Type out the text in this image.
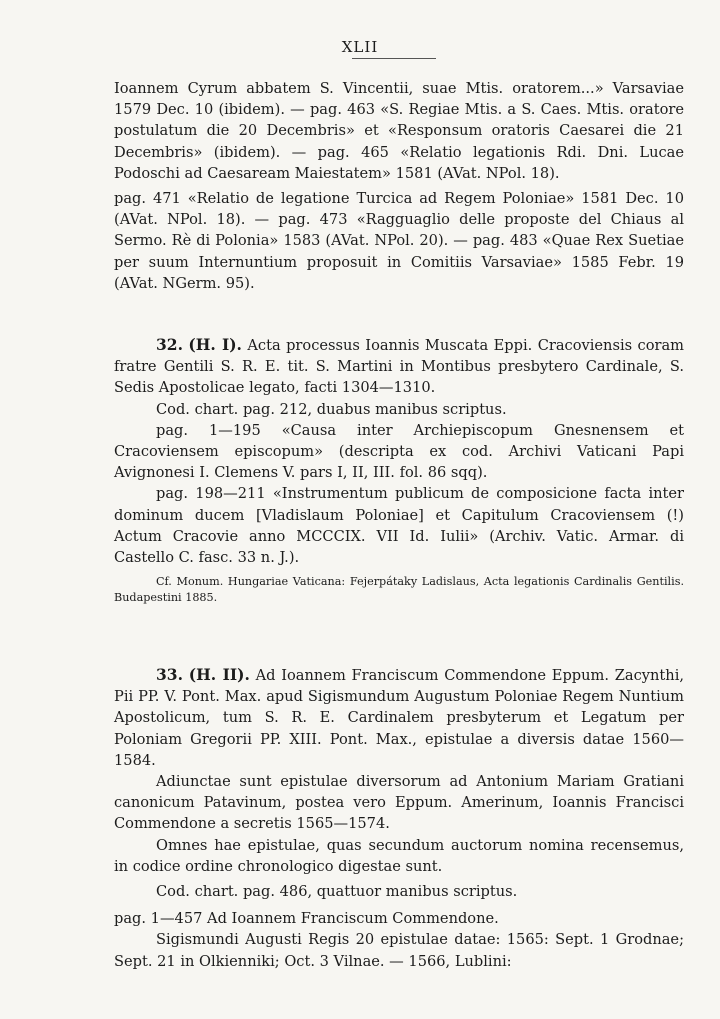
XLII

Ioannem Cyrum abbatem S. Vincentii, suae Mtis. oratorem...» Varsaviae 1579 Dec. 10 (ibidem). — pag. 463 «S. Regiae Mtis. a S. Caes. Mtis. oratore postulatum die 20 Decembris» et «Responsum oratoris Caesarei die 21 Decembris» (ibidem). — pag. 465 «Relatio legationis Rdi. Dni. Lucae Podoschi ad Caesaream Maiestatem» 1581 (AVat. NPol. 18).

pag. 471 «Relatio de legatione Turcica ad Regem Poloniae» 1581 Dec. 10 (AVat. NPol. 18). — pag. 473 «Ragguaglio delle proposte del Chiaus al Sermo. Rè di Polonia» 1583 (AVat. NPol. 20). — pag. 483 «Quae Rex Suetiae per suum Internuntium proposuit in Comitiis Varsaviae» 1585 Febr. 19 (AVat. NGerm. 95).

32. (H. I). Acta processus Ioannis Muscata Eppi. Cracoviensis coram fratre Gentili S. R. E. tit. S. Martini in Montibus presbytero Cardinale, S. Sedis Apostolicae legato, facti 1304—1310.

Cod. chart. pag. 212, duabus manibus scriptus.

pag. 1—195 «Causa inter Archiepiscopum Gnesnensem et Cracoviensem episcopum» (descripta ex cod. Archivi Vaticani Papi Avignonesi I. Clemens V. pars I, II, III. fol. 86 sqq).

pag. 198—211 «Instrumentum publicum de composicione facta inter dominum ducem [Vladislaum Poloniae] et Capitulum Cracoviensem (!) Actum Cracovie anno MCCCIX. VII Id. Iulii» (Archiv. Vatic. Armar. di Castello C. fasc. 33 n. J.).

Cf. Monum. Hungariae Vaticana: Fejerpátaky Ladislaus, Acta legationis Cardinalis Gentilis. Budapestini 1885.

33. (H. II). Ad Ioannem Franciscum Commendone Eppum. Zacynthi, Pii PP. V. Pont. Max. apud Sigismundum Augustum Poloniae Regem Nuntium Apostolicum, tum S. R. E. Cardinalem presbyterum et Legatum per Poloniam Gregorii PP. XIII. Pont. Max., epistulae a diversis datae 1560—1584.

Adiunctae sunt epistulae diversorum ad Antonium Mariam Gratiani canonicum Patavinum, postea vero Eppum. Amerinum, Ioannis Francisci Commendone a secretis 1565—1574.

Omnes hae epistulae, quas secundum auctorum nomina recensemus, in codice ordine chronologico digestae sunt.

Cod. chart. pag. 486, quattuor manibus scriptus.

pag. 1—457 Ad Ioannem Franciscum Commendone.

Sigismundi Augusti Regis 20 epistulae datae: 1565: Sept. 1 Grodnae; Sept. 21 in Olkienniki; Oct. 3 Vilnae. — 1566, Lublini:
